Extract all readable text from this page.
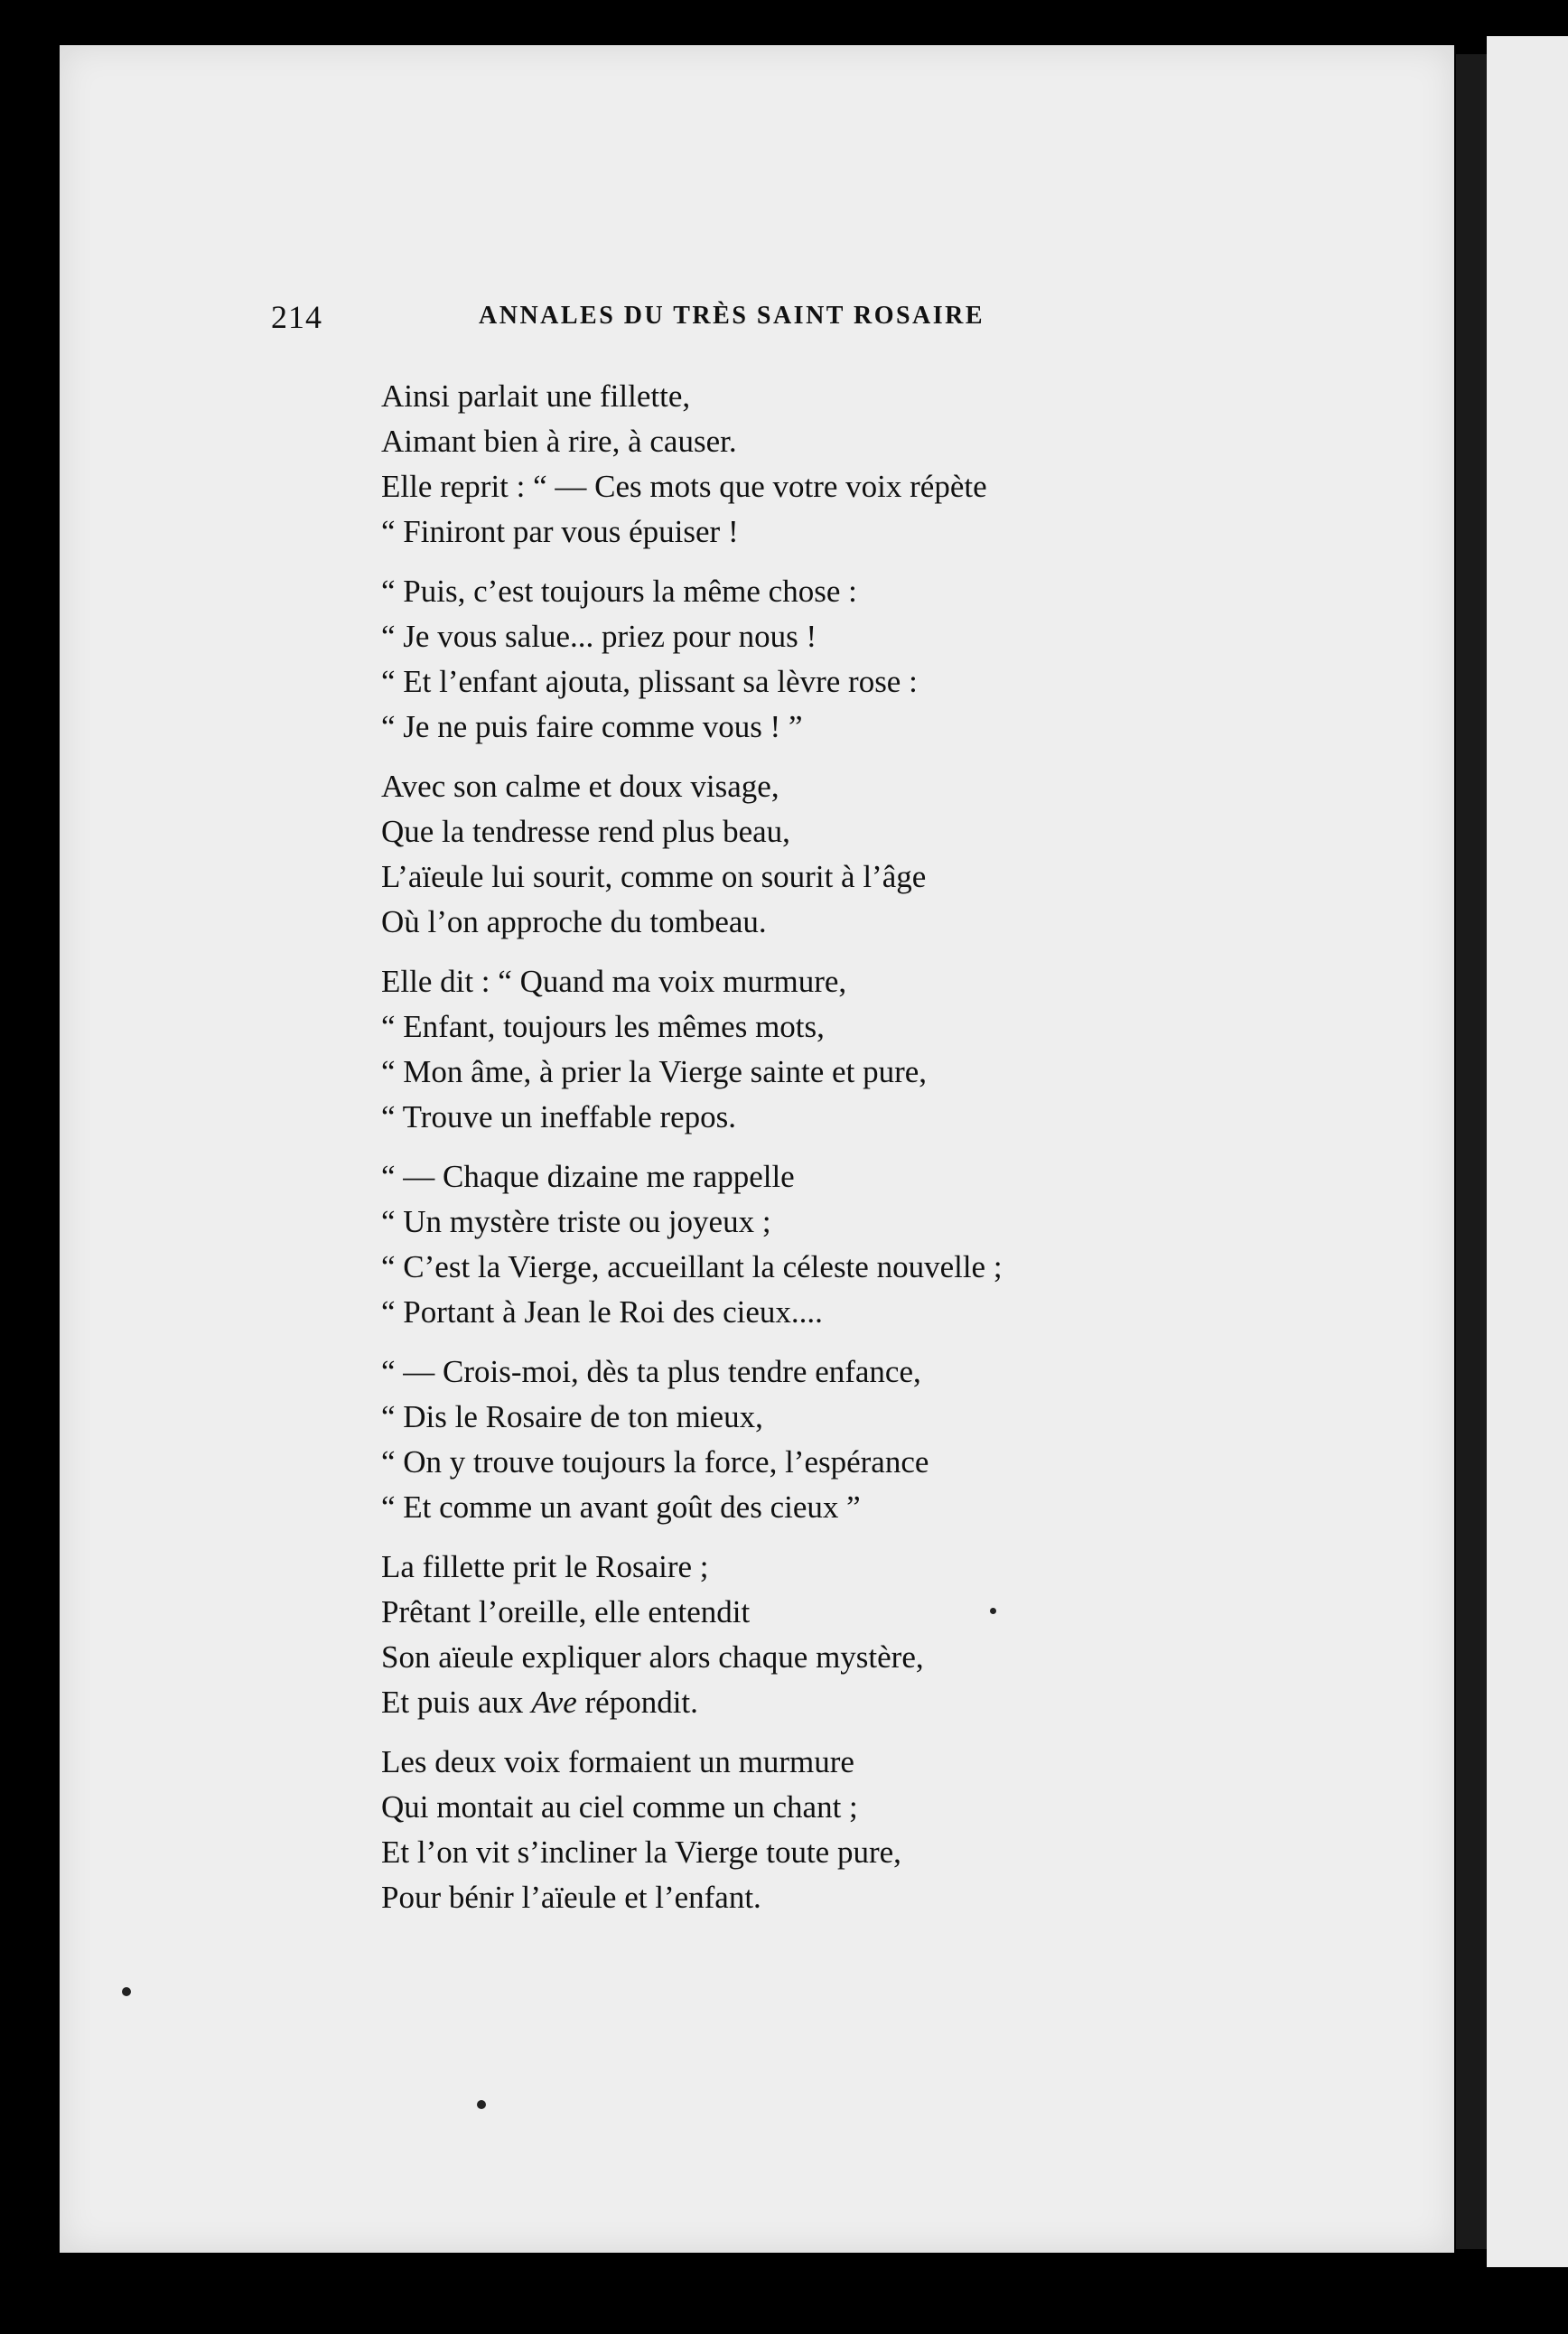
214	ANNALES DU TRÈS SAINT ROSAIRE
Ainsi parlait une fillette,
Aimant bien à rire, à causer.
Elle reprit : “ — Ces mots que votre voix répète
“ Finiront par vous épuiser !
“ Puis, c’est toujours la même chose :
“ Je vous salue... priez pour nous !
“ Et l’enfant ajouta, plissant sa lèvre rose :
“ Je ne puis faire comme vous ! ”
Avec son calme et doux visage,
Que la tendresse rend plus beau,
L’aïeule lui sourit, comme on sourit à l’âge
Où l’on approche du tombeau.
Elle dit : “ Quand ma voix murmure,
“ Enfant, toujours les mêmes mots,
“ Mon âme, à prier la Vierge sainte et pure,
“ Trouve un ineffable repos.
“ — Chaque dizaine me rappelle
“ Un mystère triste ou joyeux ;
“ C’est la Vierge, accueillant la céleste nouvelle ;
“ Portant à Jean le Roi des cieux....
“ — Crois-moi, dès ta plus tendre enfance,
“ Dis le Rosaire de ton mieux,
“ On y trouve toujours la force, l’espérance
“ Et comme un avant goût des cieux ”
La fillette prit le Rosaire ;
Prêtant l’oreille, elle entendit
Son aïeule expliquer alors chaque mystère,
Et puis aux Ave répondit.
Les deux voix formaient un murmure
Qui montait au ciel comme un chant ;
Et l’on vit s’incliner la Vierge toute pure,
Pour bénir l’aïeule et l’enfant.
